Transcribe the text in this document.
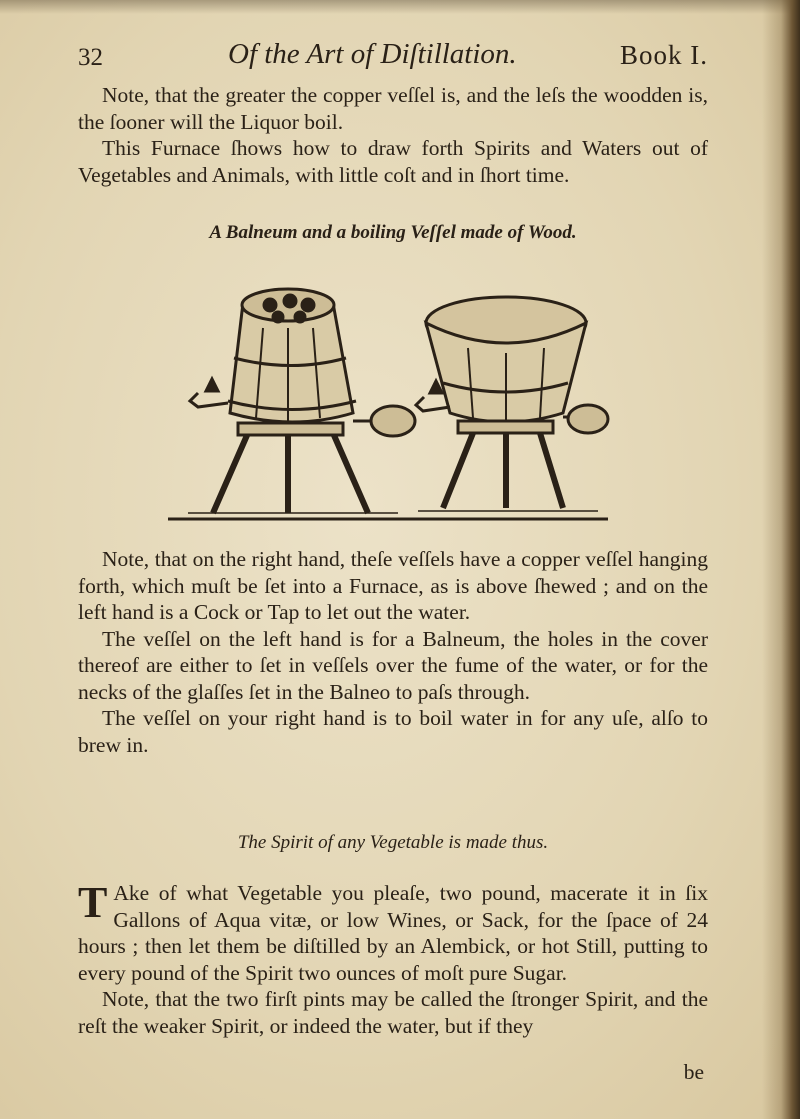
32	Of the Art of Diſtillation.	Book I.

Note, that the greater the copper veſſel is, and the leſs the woodden is, the ſooner will the Liquor boil.

This Furnace ſhows how to draw forth Spirits and Waters out of Vegetables and Animals, with little coſt and in ſhort time.

A Balneum and a boiling Veſſel made of Wood.

Note, that on the right hand, theſe veſſels have a copper veſſel hanging forth, which muſt be ſet into a Furnace, as is above ſhewed ; and on the left hand is a Cock or Tap to let out the water.

The veſſel on the left hand is for a Balneum, the holes in the cover thereof are either to ſet in veſſels over the fume of the water, or for the necks of the glaſſes ſet in the Balneo to paſs through.

The veſſel on your right hand is to boil water in for any uſe, alſo to brew in.

The Spirit of any Vegetable is made thus.

T Ake of what Vegetable you pleaſe, two pound, macerate it in ſix Gallons of Aqua vitæ, or low Wines, or Sack, for the ſpace of 24 hours ; then let them be diſtilled by an Alembick, or hot Still, putting to every pound of the Spirit two ounces of moſt pure Sugar.

Note, that the two firſt pints may be called the ſtronger Spirit, and the reſt the weaker Spirit, or indeed the water, but if they

be
